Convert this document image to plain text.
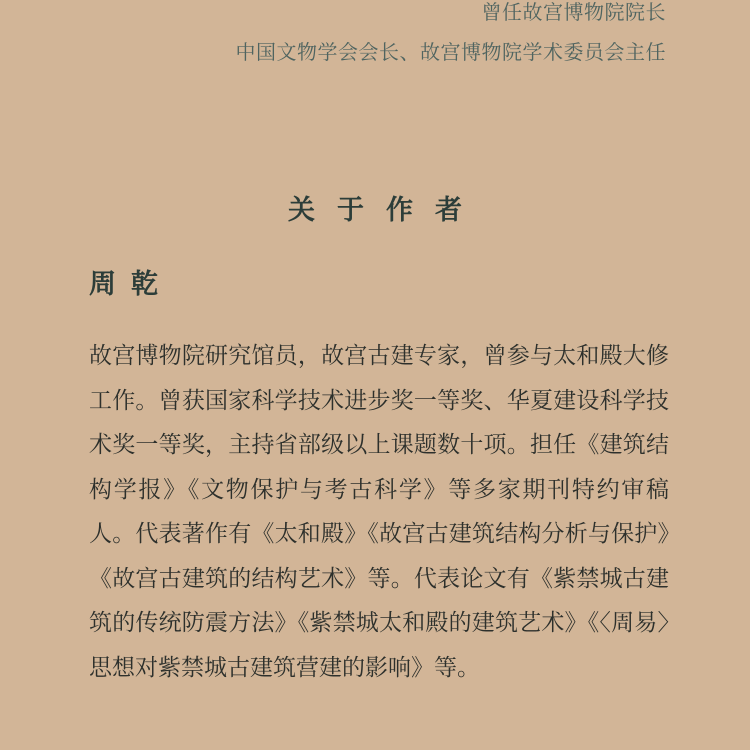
曾任故宫博物院院长
中国文物学会会长、故宫博物院学术委员会主任
关于作者
周乾

故宫博物院研究馆员，故宫古建专家，曾参与太和殿大修工作。曾获国家科学技术进步奖一等奖、华夏建设科学技术奖一等奖，主持省部级以上课题数十项。担任《建筑结构学报》《文物保护与考古科学》等多家期刊特约审稿人。代表著作有《太和殿》《故宫古建筑结构分析与保护》《故宫古建筑的结构艺术》等。代表论文有《紫禁城古建筑的传统防震方法》《紫禁城太和殿的建筑艺术》《〈周易〉思想对紫禁城古建筑营建的影响》等。
